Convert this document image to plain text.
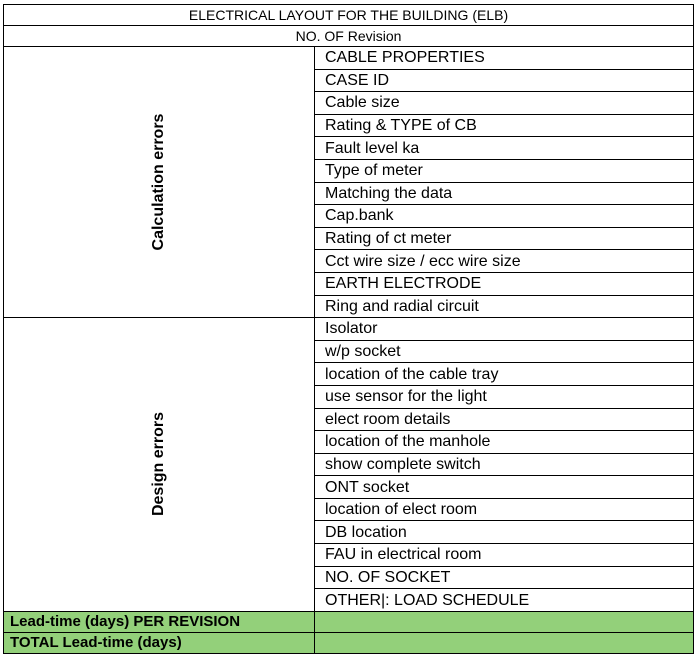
ELECTRICAL LAYOUT FOR THE BUILDING (ELB)	
NO. OF Revision	

Calculation errors	CABLE PROPERTIES
	CASE ID
	Cable size
	Rating & TYPE of CB
	Fault level ka
	Type of meter
	Matching the data
	Cap.bank
	Rating of ct meter
	Cct wire size / ecc wire size
	EARTH ELECTRODE
	Ring and radial circuit

Design errors	Isolator
	w/p socket
	location of the cable tray
	use sensor for the light
	elect room details
	location of the manhole
	show complete switch
	ONT socket
	location of elect room
	DB location
	FAU in electrical room
	NO. OF SOCKET
	OTHER|: LOAD SCHEDULE
Lead-time (days) PER REVISION	
TOTAL Lead-time (days)	
